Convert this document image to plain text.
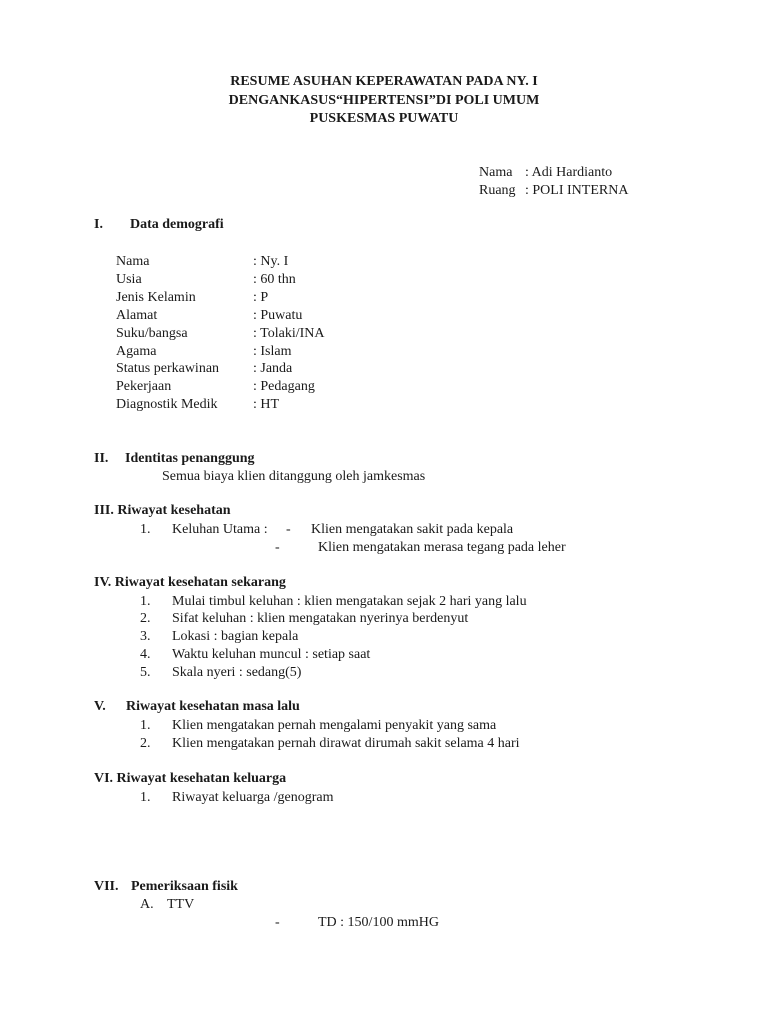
RESUME ASUHAN KEPERAWATAN PADA NY. I
DENGANKASUS“HIPERTENSI”DI POLI UMUM
PUSKESMAS PUWATU
Nama : Adi Hardianto
Ruang : POLI INTERNA
I. Data demografi
Nama	: Ny. I
Usia	: 60 thn
Jenis Kelamin	: P
Alamat	: Puwatu
Suku/bangsa	: Tolaki/INA
Agama	: Islam
Status perkawinan : Janda
Pekerjaan	: Pedagang
Diagnostik Medik	: HT
II. Identitas penanggung
Semua biaya klien ditanggung oleh jamkesmas
III. Riwayat kesehatan
1. Keluhan Utama : - Klien mengatakan sakit pada kepala
-	Klien mengatakan merasa tegang pada leher
IV. Riwayat kesehatan sekarang
1. Mulai timbul keluhan : klien mengatakan sejak 2 hari yang lalu
2. Sifat keluhan : klien mengatakan nyerinya berdenyut
3. Lokasi : bagian kepala
4. Waktu keluhan muncul : setiap saat
5. Skala nyeri : sedang(5)
V. Riwayat kesehatan masa lalu
1. Klien mengatakan pernah mengalami penyakit yang sama
2. Klien mengatakan pernah dirawat dirumah sakit selama 4 hari
VI. Riwayat kesehatan keluarga
1. Riwayat keluarga /genogram
VII. Pemeriksaan fisik
A. TTV
-	TD : 150/100 mmHG
